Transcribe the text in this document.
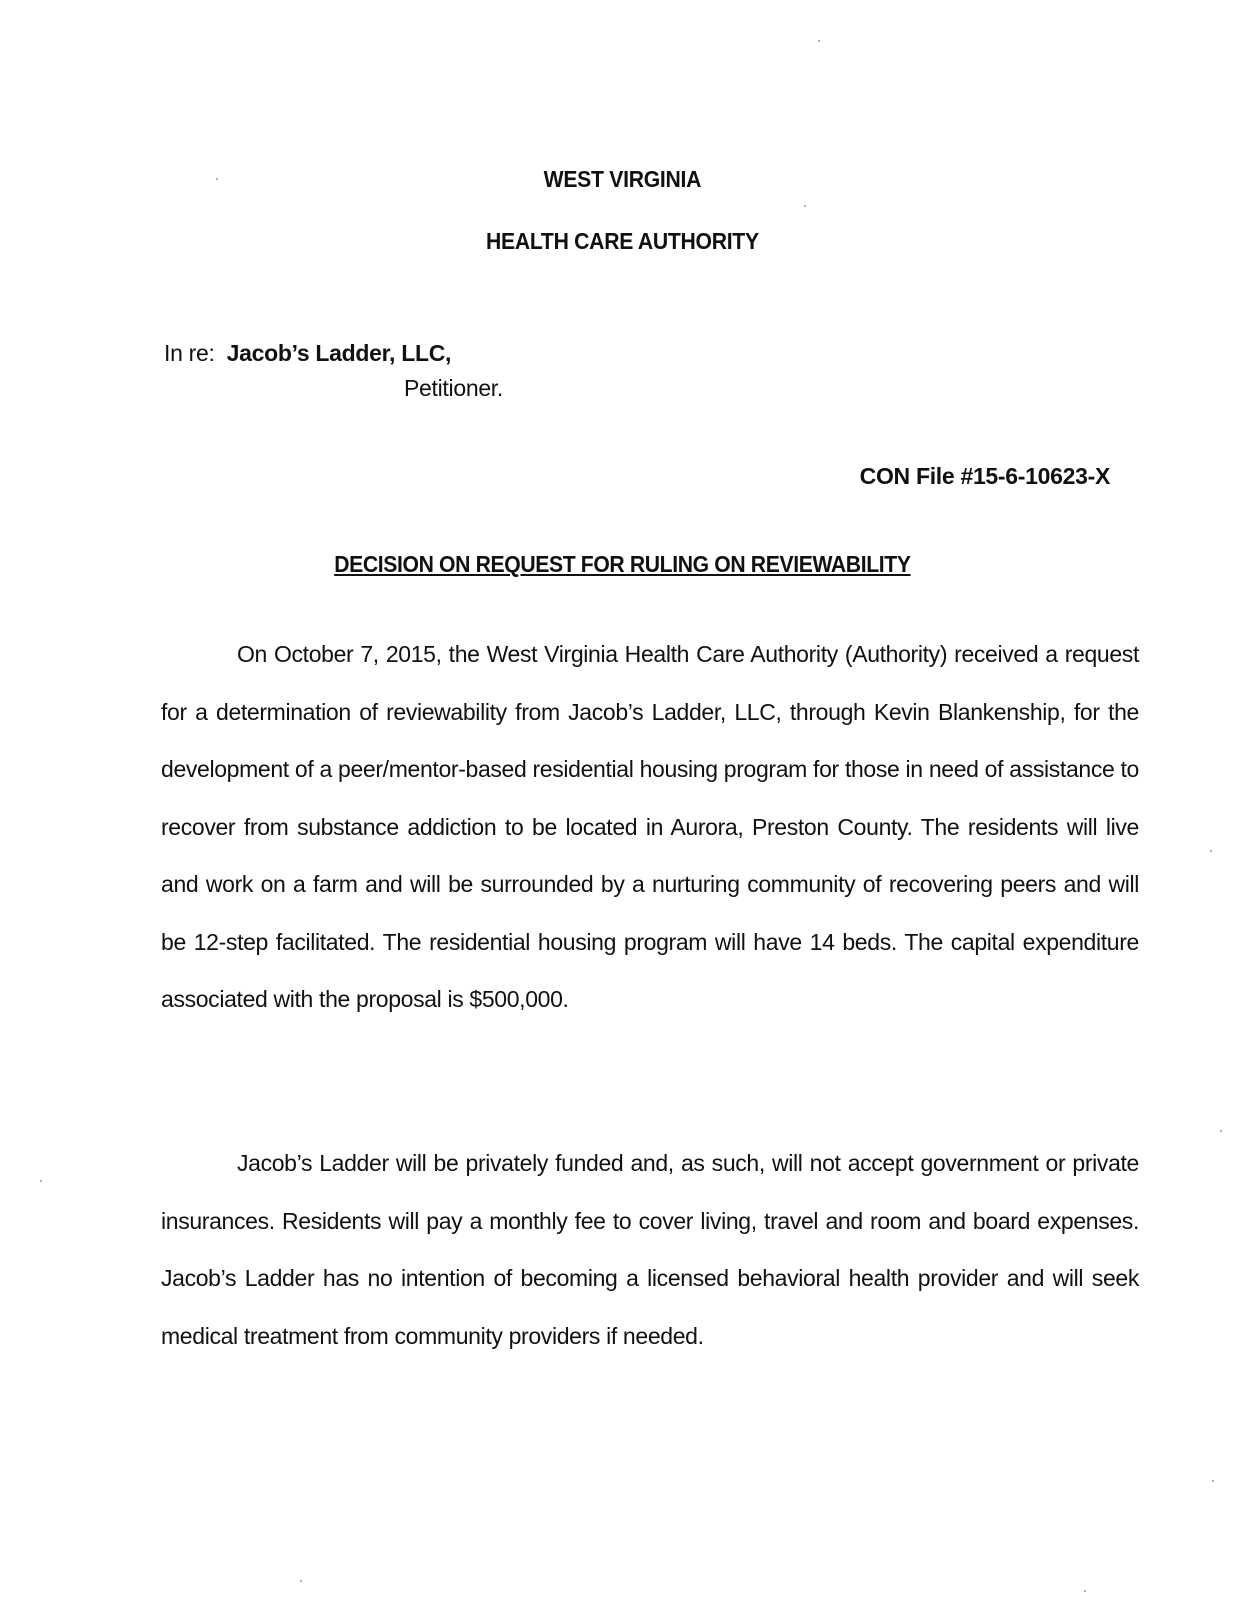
WEST VIRGINIA
HEALTH CARE AUTHORITY
In re: Jacob’s Ladder, LLC,
Petitioner.
CON File #15-6-10623-X
DECISION ON REQUEST FOR RULING ON REVIEWABILITY
On October 7, 2015, the West Virginia Health Care Authority (Authority) received a request for a determination of reviewability from Jacob’s Ladder, LLC, through Kevin Blankenship, for the development of a peer/mentor-based residential housing program for those in need of assistance to recover from substance addiction to be located in Aurora, Preston County. The residents will live and work on a farm and will be surrounded by a nurturing community of recovering peers and will be 12-step facilitated. The residential housing program will have 14 beds. The capital expenditure associated with the proposal is $500,000.
Jacob’s Ladder will be privately funded and, as such, will not accept government or private insurances. Residents will pay a monthly fee to cover living, travel and room and board expenses. Jacob’s Ladder has no intention of becoming a licensed behavioral health provider and will seek medical treatment from community providers if needed.
